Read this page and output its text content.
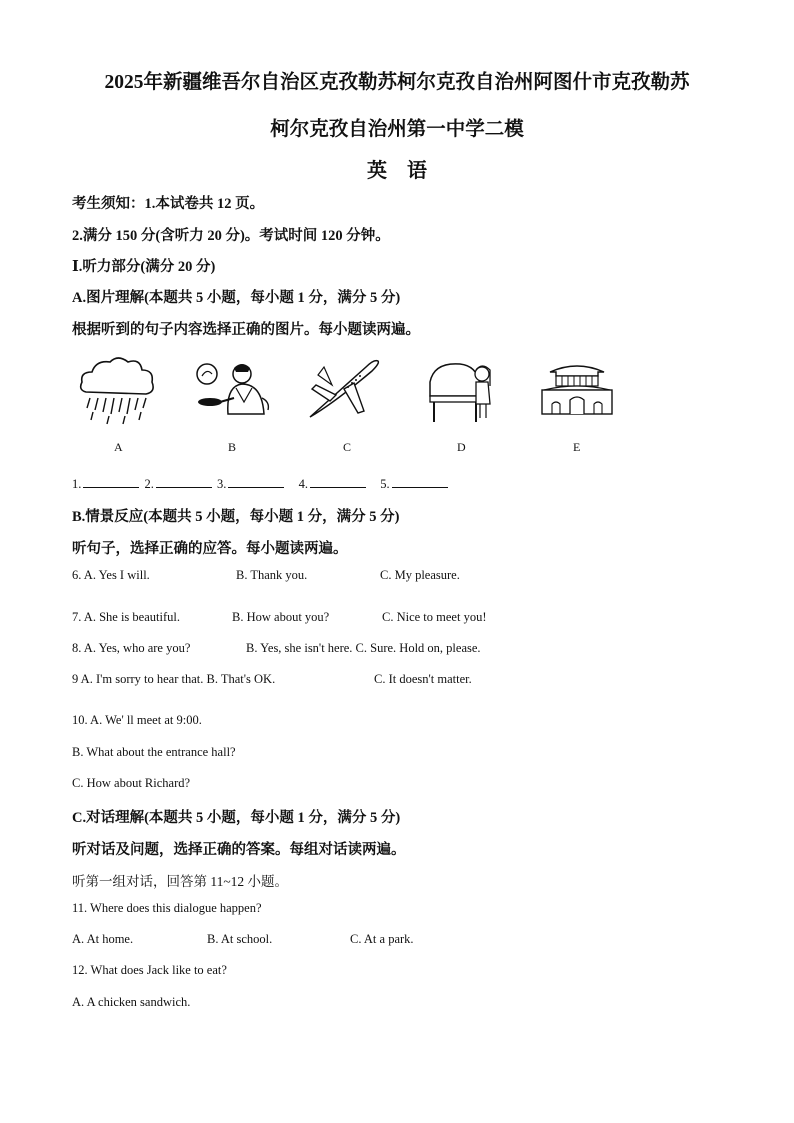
2025年新疆维吾尔自治区克孜勒苏柯尔克孜自治州阿图什市克孜勒苏
柯尔克孜自治州第一中学二模
英　语
考生须知：1.本试卷共 12 页。
2.满分 150 分(含听力 20 分)。考试时间 120 分钟。
Ⅰ.听力部分(满分 20 分)
A.图片理解(本题共 5 小题，每小题 1 分，满分 5 分)
根据听到的句子内容选择正确的图片。每小题读两遍。
A	B	C	D	E
1.	2.	3.	4.	5.
B.情景反应(本题共 5 小题，每小题 1 分，满分 5 分)
听句子，选择正确的应答。每小题读两遍。
6. A. Yes I will.	B. Thank you.	C. My pleasure.
7. A. She is beautiful.	B. How about you?	C. Nice to meet you!
8. A. Yes, who are you?	B. Yes, she isn't here. C. Sure. Hold on, please.
9 A. I'm sorry to hear that. B. That's OK.	C. It doesn't matter.
10. A. We' ll meet at 9:00.
B. What about the entrance hall?
C. How about Richard?
C.对话理解(本题共 5 小题，每小题 1 分，满分 5 分)
听对话及问题，选择正确的答案。每组对话读两遍。
听第一组对话，回答第 11~12 小题。
11. Where does this dialogue happen?
A. At home.	B. At school.	C. At a park.
12. What does Jack like to eat?
A. A chicken sandwich.
